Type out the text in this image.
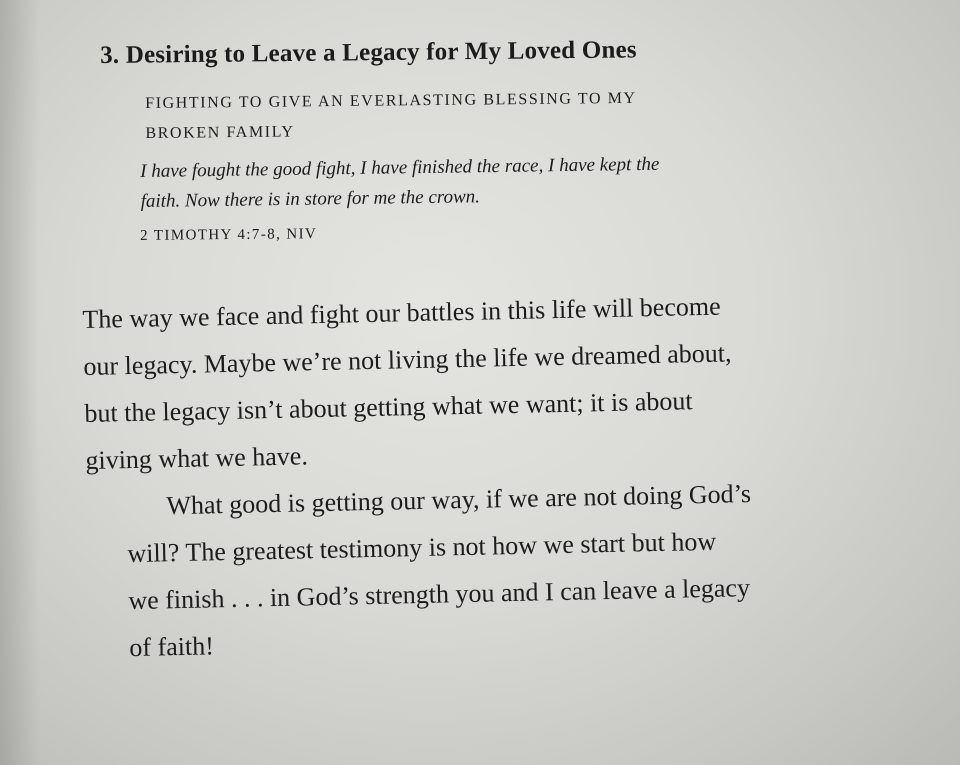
3. Desiring to Leave a Legacy for My Loved Ones
FIGHTING TO GIVE AN EVERLASTING BLESSING TO MY
BROKEN FAMILY
I have fought the good fight, I have finished the race, I have kept the
faith. Now there is in store for me the crown.
2 TIMOTHY 4:7-8, NIV

The way we face and fight our battles in this life will become
our legacy. Maybe we’re not living the life we dreamed about,
but the legacy isn’t about getting what we want; it is about
giving what we have.

What good is getting our way, if we are not doing God’s
will? The greatest testimony is not how we start but how
we finish . . . in God’s strength you and I can leave a legacy
of faith!
